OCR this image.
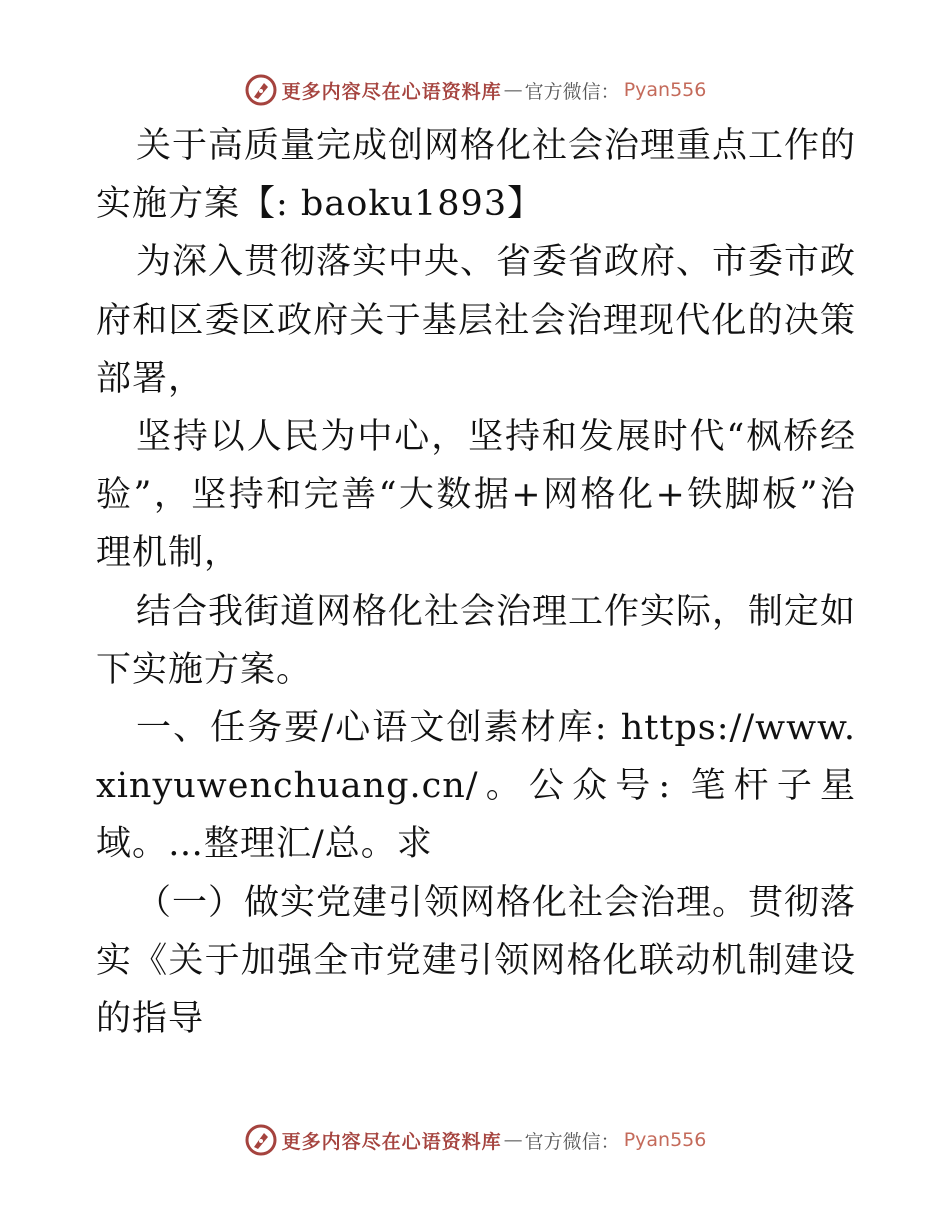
更多内容尽在心语资料库 — 官方微信： Pyan556

关于高质量完成创网格化社会治理重点工作的实施方案【: baoku1893】

为深入贯彻落实中央、省委省政府、市委市政府和区委区政府关于基层社会治理现代化的决策部署，

坚持以人民为中心，坚持和发展时代“枫桥经验”，坚持和完善“大数据+网格化+铁脚板”治理机制，

结合我街道网格化社会治理工作实际，制定如下实施方案。

一、任务要/心语文创素材库: https://www.xinyuwenchuang.cn/。公众号: 笔杆子星域。…整理汇/总。求

（一）做实党建引领网格化社会治理。贯彻落实《关于加强全市党建引领网格化联动机制建设的指导

更多内容尽在心语资料库 — 官方微信： Pyan556
